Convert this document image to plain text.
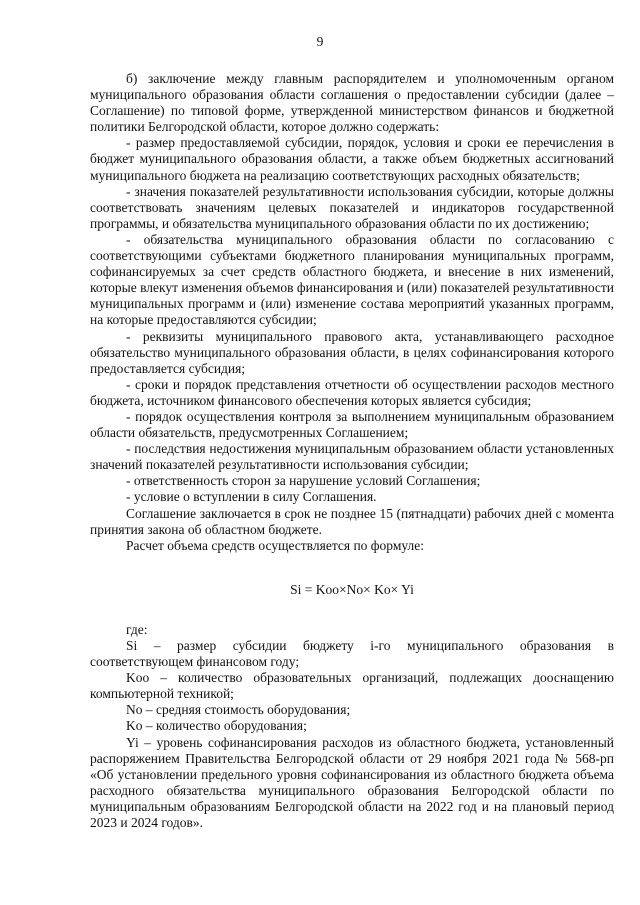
9

б) заключение между главным распорядителем и уполномоченным органом муниципального образования области соглашения о предоставлении субсидии (далее – Соглашение) по типовой форме, утвержденной министерством финансов и бюджетной политики Белгородской области, которое должно содержать:

- размер предоставляемой субсидии, порядок, условия и сроки ее перечисления в бюджет муниципального образования области, а также объем бюджетных ассигнований муниципального бюджета на реализацию соответствующих расходных обязательств;

- значения показателей результативности использования субсидии, которые должны соответствовать значениям целевых показателей и индикаторов государственной программы, и обязательства муниципального образования области по их достижению;

- обязательства муниципального образования области по согласованию с соответствующими субъектами бюджетного планирования муниципальных программ, софинансируемых за счет средств областного бюджета, и внесение в них изменений, которые влекут изменения объемов финансирования и (или) показателей результативности муниципальных программ и (или) изменение состава мероприятий указанных программ, на которые предоставляются субсидии;

- реквизиты муниципального правового акта, устанавливающего расходное обязательство муниципального образования области, в целях софинансирования которого предоставляется субсидия;

- сроки и порядок представления отчетности об осуществлении расходов местного бюджета, источником финансового обеспечения которых является субсидия;

- порядок осуществления контроля за выполнением муниципальным образованием области обязательств, предусмотренных Соглашением;

- последствия недостижения муниципальным образованием области установленных значений показателей результативности использования субсидии;

- ответственность сторон за нарушение условий Соглашения;

- условие о вступлении в силу Соглашения.

Соглашение заключается в срок не позднее 15 (пятнадцати) рабочих дней с момента принятия закона об областном бюджете.

Расчет объема средств осуществляется по формуле:

Si = Koo×No× Ko× Yi

где:

Si – размер субсидии бюджету i-го муниципального образования в соответствующем финансовом году;

Koo – количество образовательных организаций, подлежащих дооснащению компьютерной техникой;

No – средняя стоимость оборудования;

Ko – количество оборудования;

Yi – уровень софинансирования расходов из областного бюджета, установленный распоряжением Правительства Белгородской области от 29 ноября 2021 года № 568-рп «Об установлении предельного уровня софинансирования из областного бюджета объема расходного обязательства муниципального образования Белгородской области по муниципальным образованиям Белгородской области на 2022 год и на плановый период 2023 и 2024 годов».
